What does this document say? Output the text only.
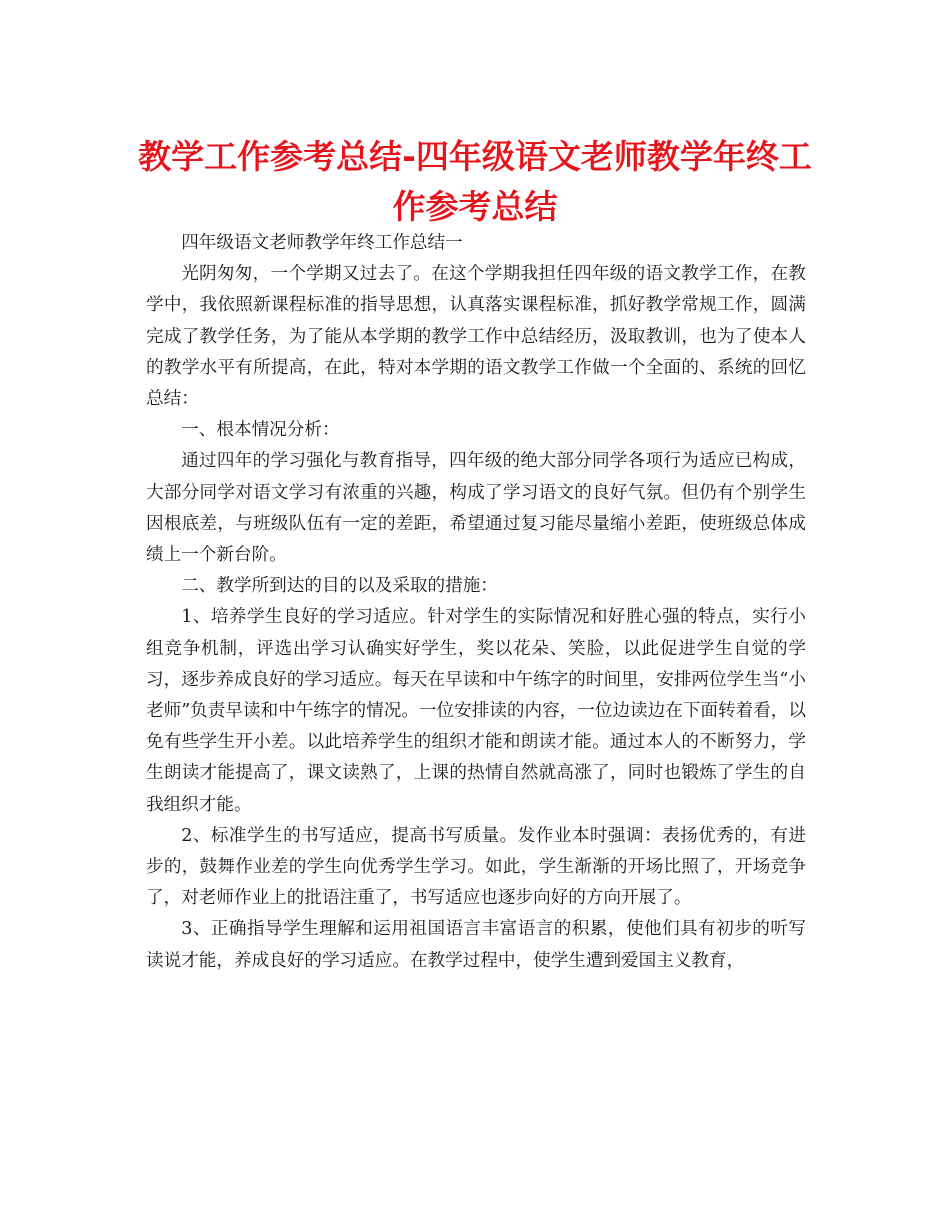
教学工作参考总结-四年级语文老师教学年终工作参考总结

四年级语文老师教学年终工作总结一

光阴匆匆，一个学期又过去了。在这个学期我担任四年级的语文教学工作，在教学中，我依照新课程标准的指导思想，认真落实课程标准，抓好教学常规工作，圆满完成了教学任务，为了能从本学期的教学工作中总结经历，汲取教训，也为了使本人的教学水平有所提高，在此，特对本学期的语文教学工作做一个全面的、系统的回忆总结：

一、根本情况分析：

通过四年的学习强化与教育指导，四年级的绝大部分同学各项行为适应已构成，大部分同学对语文学习有浓重的兴趣，构成了学习语文的良好气氛。但仍有个别学生因根底差，与班级队伍有一定的差距，希望通过复习能尽量缩小差距，使班级总体成绩上一个新台阶。

二、教学所到达的目的以及采取的措施：

1、培养学生良好的学习适应。针对学生的实际情况和好胜心强的特点，实行小组竞争机制，评选出学习认确实好学生，奖以花朵、笑脸，以此促进学生自觉的学习，逐步养成良好的学习适应。每天在早读和中午练字的时间里，安排两位学生当“小老师”负责早读和中午练字的情况。一位安排读的内容，一位边读边在下面转着看，以免有些学生开小差。以此培养学生的组织才能和朗读才能。通过本人的不断努力，学生朗读才能提高了，课文读熟了，上课的热情自然就高涨了，同时也锻炼了学生的自我组织才能。

2、标准学生的书写适应，提高书写质量。发作业本时强调：表扬优秀的，有进步的，鼓舞作业差的学生向优秀学生学习。如此，学生渐渐的开场比照了，开场竞争了，对老师作业上的批语注重了，书写适应也逐步向好的方向开展了。

3、正确指导学生理解和运用祖国语言丰富语言的积累，使他们具有初步的听写读说才能，养成良好的学习适应。在教学过程中，使学生遭到爱国主义教育，
